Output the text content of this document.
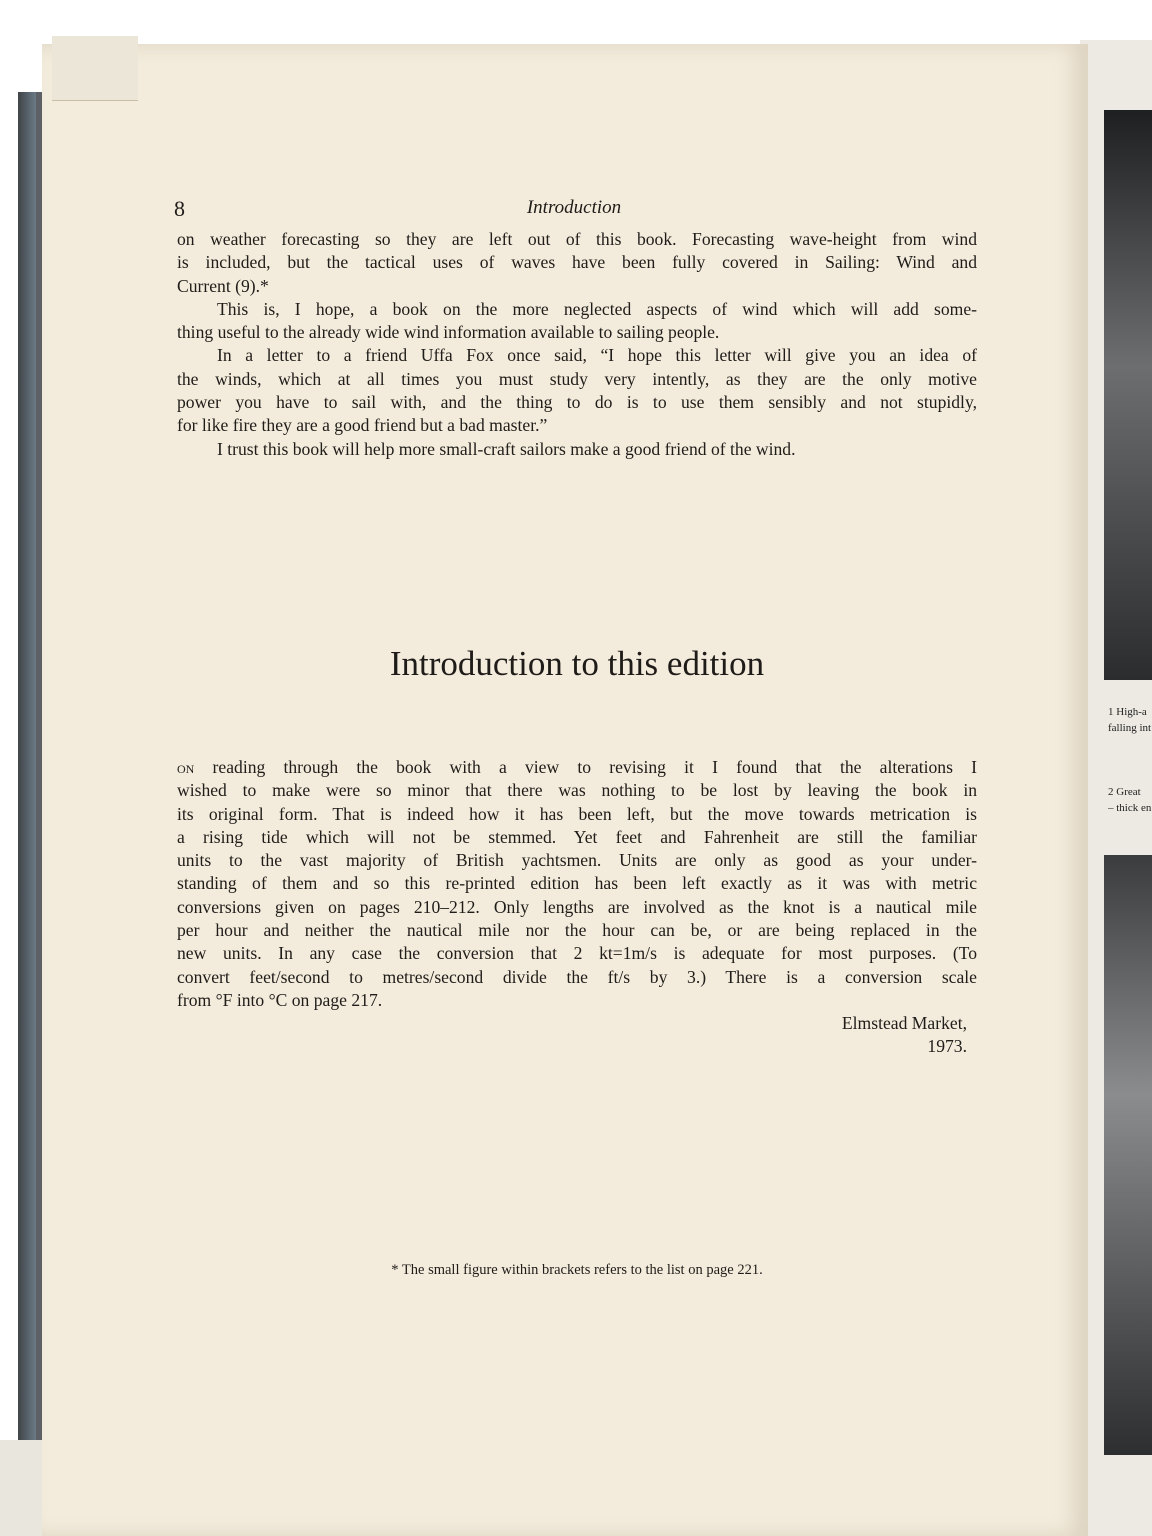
1 High-a
falling int
2 Great
– thick en
8	Introduction
on weather forecasting so they are left out of this book. Forecasting wave-height from wind
is included, but the tactical uses of waves have been fully covered in Sailing: Wind and
Current (9).*
This is, I hope, a book on the more neglected aspects of wind which will add some-
thing useful to the already wide wind information available to sailing people.
In a letter to a friend Uffa Fox once said, “I hope this letter will give you an idea of
the winds, which at all times you must study very intently, as they are the only motive
power you have to sail with, and the thing to do is to use them sensibly and not stupidly,
for like fire they are a good friend but a bad master.”
I trust this book will help more small-craft sailors make a good friend of the wind.
Introduction to this edition
on reading through the book with a view to revising it I found that the alterations I
wished to make were so minor that there was nothing to be lost by leaving the book in
its original form. That is indeed how it has been left, but the move towards metrication is
a rising tide which will not be stemmed. Yet feet and Fahrenheit are still the familiar
units to the vast majority of British yachtsmen. Units are only as good as your under-
standing of them and so this re-printed edition has been left exactly as it was with metric
conversions given on pages 210–212. Only lengths are involved as the knot is a nautical mile
per hour and neither the nautical mile nor the hour can be, or are being replaced in the
new units. In any case the conversion that 2 kt=1m/s is adequate for most purposes. (To
convert feet/second to metres/second divide the ft/s by 3.) There is a conversion scale
from °F into °C on page 217.
Elmstead Market,
1973.
* The small figure within brackets refers to the list on page 221.
